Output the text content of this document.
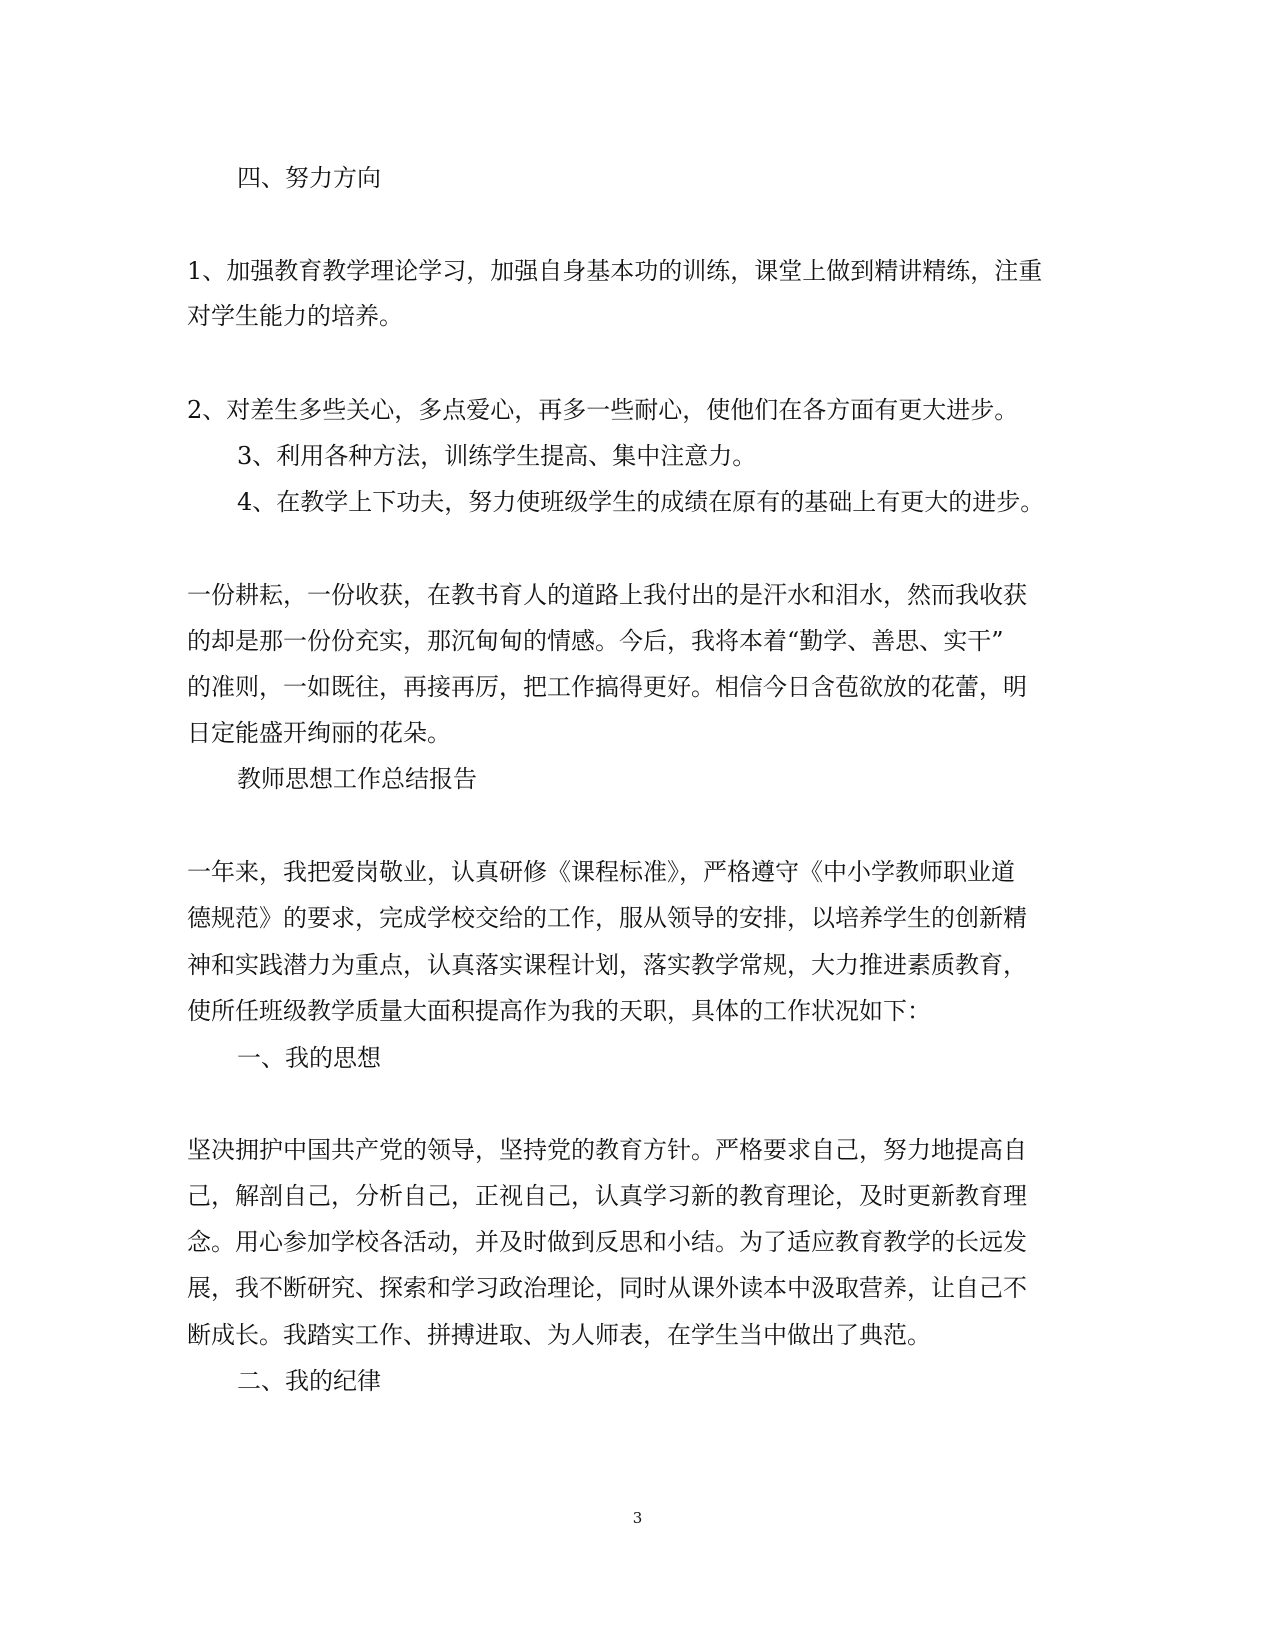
四、努力方向
1、加强教育教学理论学习，加强自身基本功的训练，课堂上做到精讲精练，注重
对学生能力的培养。
2、对差生多些关心，多点爱心，再多一些耐心，使他们在各方面有更大进步。
3、利用各种方法，训练学生提高、集中注意力。
4、在教学上下功夫，努力使班级学生的成绩在原有的基础上有更大的进步。
一份耕耘，一份收获，在教书育人的道路上我付出的是汗水和泪水，然而我收获
的却是那一份份充实，那沉甸甸的情感。今后，我将本着“勤学、善思、实干”
的准则，一如既往，再接再厉，把工作搞得更好。相信今日含苞欲放的花蕾，明
日定能盛开绚丽的花朵。
教师思想工作总结报告
一年来，我把爱岗敬业，认真研修《课程标准》，严格遵守《中小学教师职业道
德规范》的要求，完成学校交给的工作，服从领导的安排，以培养学生的创新精
神和实践潜力为重点，认真落实课程计划，落实教学常规，大力推进素质教育，
使所任班级教学质量大面积提高作为我的天职，具体的工作状况如下：
一、我的思想
坚决拥护中国共产党的领导，坚持党的教育方针。严格要求自己，努力地提高自
己，解剖自己，分析自己，正视自己，认真学习新的教育理论，及时更新教育理
念。用心参加学校各活动，并及时做到反思和小结。为了适应教育教学的长远发
展，我不断研究、探索和学习政治理论，同时从课外读本中汲取营养，让自己不
断成长。我踏实工作、拼搏进取、为人师表，在学生当中做出了典范。
二、我的纪律
3
